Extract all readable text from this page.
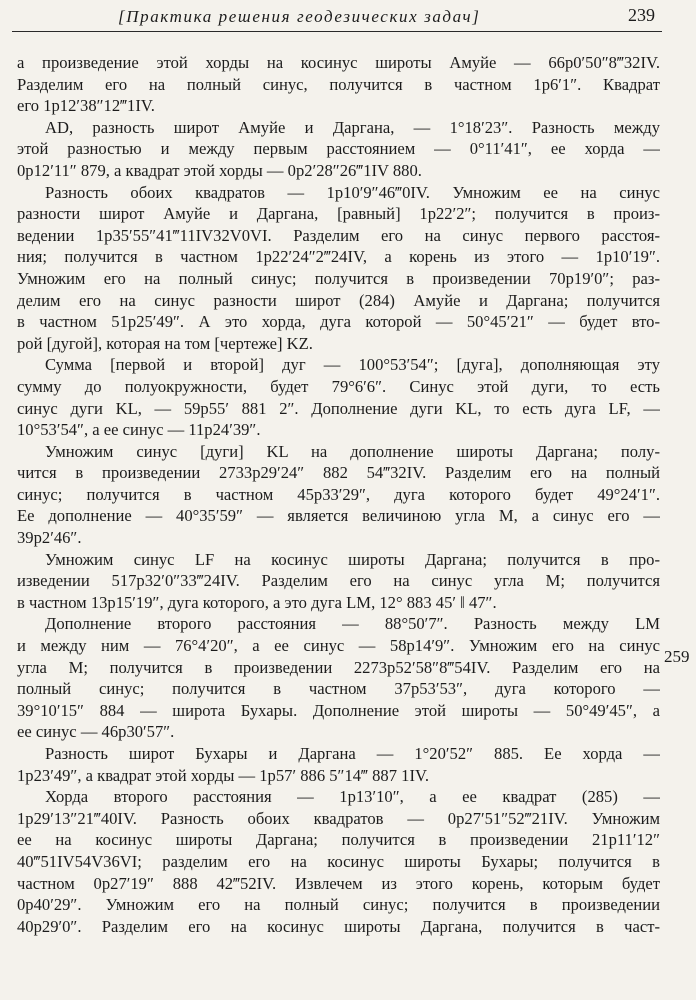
[Практика решения геодезических задач]	239
а произведение этой хорды на косинус широты Амуйе — 66р0′50″8‴32IV.
Разделим его на полный синус, получится в частном 1р6′1″. Квадрат
его 1р12′38″12‴1IV.
AD, разность широт Амуйе и Даргана, — 1°18′23″. Разность между
этой разностью и между первым расстоянием — 0°11′41″, ее хорда —
0р12′11″ 879, а квадрат этой хорды — 0р2′28″26‴1IV 880.
Разность обоих квадратов — 1р10′9″46‴0IV. Умножим ее на синус
разности широт Амуйе и Даргана, [равный] 1р22′2″; получится в произ-
ведении 1р35′55″41‴11IV32V0VI. Разделим его на синус первого расстоя-
ния; получится в частном 1р22′24″2‴24IV, а корень из этого — 1р10′19″.
Умножим его на полный синус; получится в произведении 70р19′0″; раз-
делим его на синус разности широт (284) Амуйе и Даргана; получится
в частном 51р25′49″. А это хорда, дуга которой — 50°45′21″ — будет вто-
рой [дугой], которая на том [чертеже] KZ.
Сумма [первой и второй] дуг — 100°53′54″; [дуга], дополняющая эту
сумму до полуокружности, будет 79°6′6″. Синус этой дуги, то есть
синус дуги KL, — 59р55′ 881 2″. Дополнение дуги KL, то есть дуга LF, —
10°53′54″, а ее синус — 11р24′39″.
Умножим синус [дуги] KL на дополнение широты Даргана; полу-
чится в произведении 2733р29′24″ 882 54‴32IV. Разделим его на полный
синус; получится в частном 45р33′29″, дуга которого будет 49°24′1″.
Ее дополнение — 40°35′59″ — является величиною угла M, а синус его —
39р2′46″.
Умножим синус LF на косинус широты Даргана; получится в про-
изведении 517р32′0″33‴24IV. Разделим его на синус угла M; получится
в частном 13р15′19″, дуга которого, а это дуга LM, 12° 883 45′ ‖ 47″.
Дополнение второго расстояния — 88°50′7″. Разность между LM
и между ним — 76°4′20″, а ее синус — 58р14′9″. Умножим его на синус
угла M; получится в произведении 2273р52′58″8‴54IV. Разделим его на
полный синус; получится в частном 37р53′53″, дуга которого —
39°10′15″ 884 — широта Бухары. Дополнение этой широты — 50°49′45″, а
ее синус — 46р30′57″.
Разность широт Бухары и Даргана — 1°20′52″ 885. Ее хорда —
1р23′49″, а квадрат этой хорды — 1р57′ 886 5″14‴ 887 1IV.
Хорда второго расстояния — 1р13′10″, а ее квадрат (285) —
1р29′13″21‴40IV. Разность обоих квадратов — 0р27′51″52‴21IV. Умножим
ее на косинус широты Даргана; получится в произведении 21р11′12″
40‴51IV54V36VI; разделим его на косинус широты Бухары; получится в
частном 0р27′19″ 888 42‴52IV. Извлечем из этого корень, которым будет
0р40′29″. Умножим его на полный синус; получится в произведении
40р29′0″. Разделим его на косинус широты Даргана, получится в част-
259
